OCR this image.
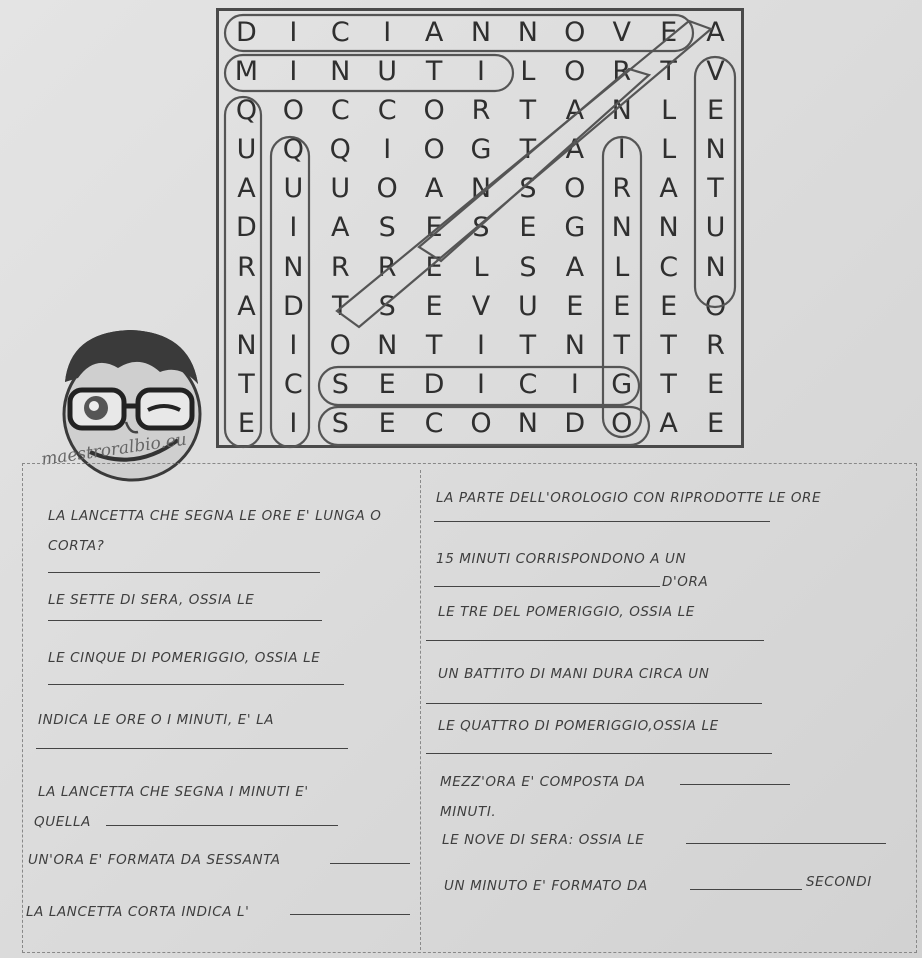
D	I	C	I	A	N N O	V	E	A
M	I	N U	T	I	L	O R	T	V
Q O C	C O R	T	A	N	L	E
U Q Q	I	O G	T	A	I	L	N
A	U	U O	A	N	S	O R	A	T
D	I	A	S	E	S	E	G N N U
R	N	R	R	E	L	S	A	L	C	N
A	D	T	S	E	V	U	E	E	E	O
N	I	O N	T	I	T	N	T	T	R
T	C	S	E	D	I	C	I	G	T	E
E	I	S	E	C O N D O	A	E
maestroralbio.eu
LA LANCETTA CHE SEGNA LE ORE E' LUNGA O
CORTA?
LE SETTE DI SERA, OSSIA LE
LE CINQUE DI POMERIGGIO, OSSIA LE
INDICA LE ORE O I MINUTI, E' LA
LA LANCETTA CHE SEGNA I MINUTI E'
QUELLA
UN'ORA E' FORMATA DA SESSANTA
LA LANCETTA CORTA INDICA L'
LA PARTE DELL'OROLOGIO CON RIPRODOTTE LE ORE
15 MINUTI CORRISPONDONO A UN
D'ORA
LE TRE DEL POMERIGGIO, OSSIA LE
UN BATTITO DI MANI DURA CIRCA UN
LE QUATTRO DI POMERIGGIO,OSSIA LE
MEZZ'ORA E' COMPOSTA DA
MINUTI.
LE NOVE DI SERA: OSSIA LE
UN MINUTO E' FORMATO DA	SECONDI
